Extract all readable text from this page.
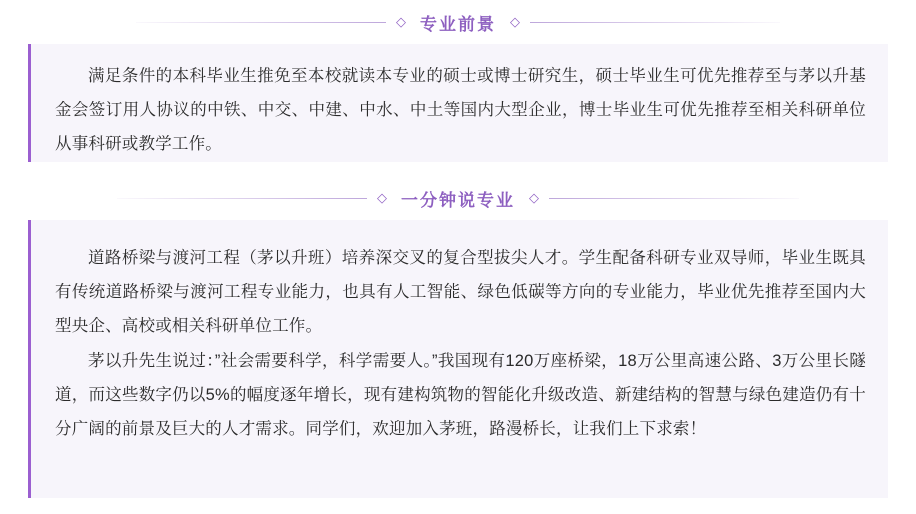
◇ 专业前景	◇

满足条件的本科毕业生推免至本校就读本专业的硕士或博士研究生，硕士毕业生可优先推荐至与茅以升基金会签订用人协议的中铁、中交、中建、中水、中土等国内大型企业，博士毕业生可优先推荐至相关科研单位从事科研或教学工作。

◇ 一分钟说专业	◇

道路桥梁与渡河工程（茅以升班）培养深交叉的复合型拔尖人才。学生配备科研专业双导师，毕业生既具有传统道路桥梁与渡河工程专业能力，也具有人工智能、绿色低碳等方向的专业能力，毕业优先推荐至国内大型央企、高校或相关科研单位工作。

茅以升先生说过：”社会需要科学，科学需要人。”我国现有120万座桥梁，18万公里高速公路、3万公里长隧道，而这些数字仍以5%的幅度逐年增长，现有建构筑物的智能化升级改造、新建结构的智慧与绿色建造仍有十分广阔的前景及巨大的人才需求。同学们，欢迎加入茅班，路漫桥长，让我们上下求索！
